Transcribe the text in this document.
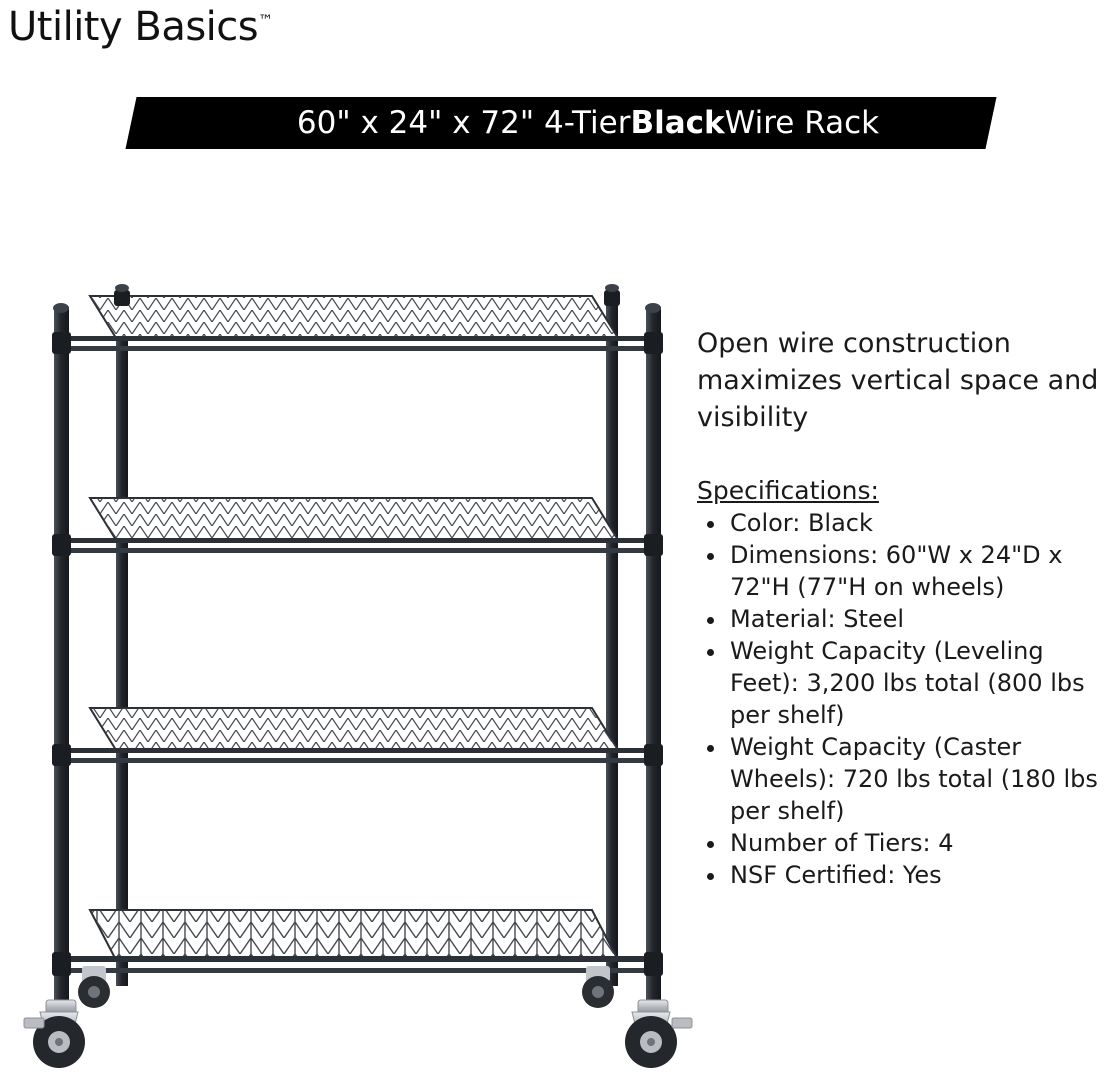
Utility Basics™
60" x 24" x 72" 4-Tier Black Wire Rack

Open wire construction maximizes vertical space and visibility

Specifications:

• Color: Black
• Dimensions: 60"W x 24"D x 72"H (77"H on wheels)
• Material: Steel
• Weight Capacity (Leveling Feet): 3,200 lbs total (800 lbs per shelf)
• Weight Capacity (Caster Wheels): 720 lbs total (180 lbs per shelf)
• Number of Tiers: 4
• NSF Certified: Yes
